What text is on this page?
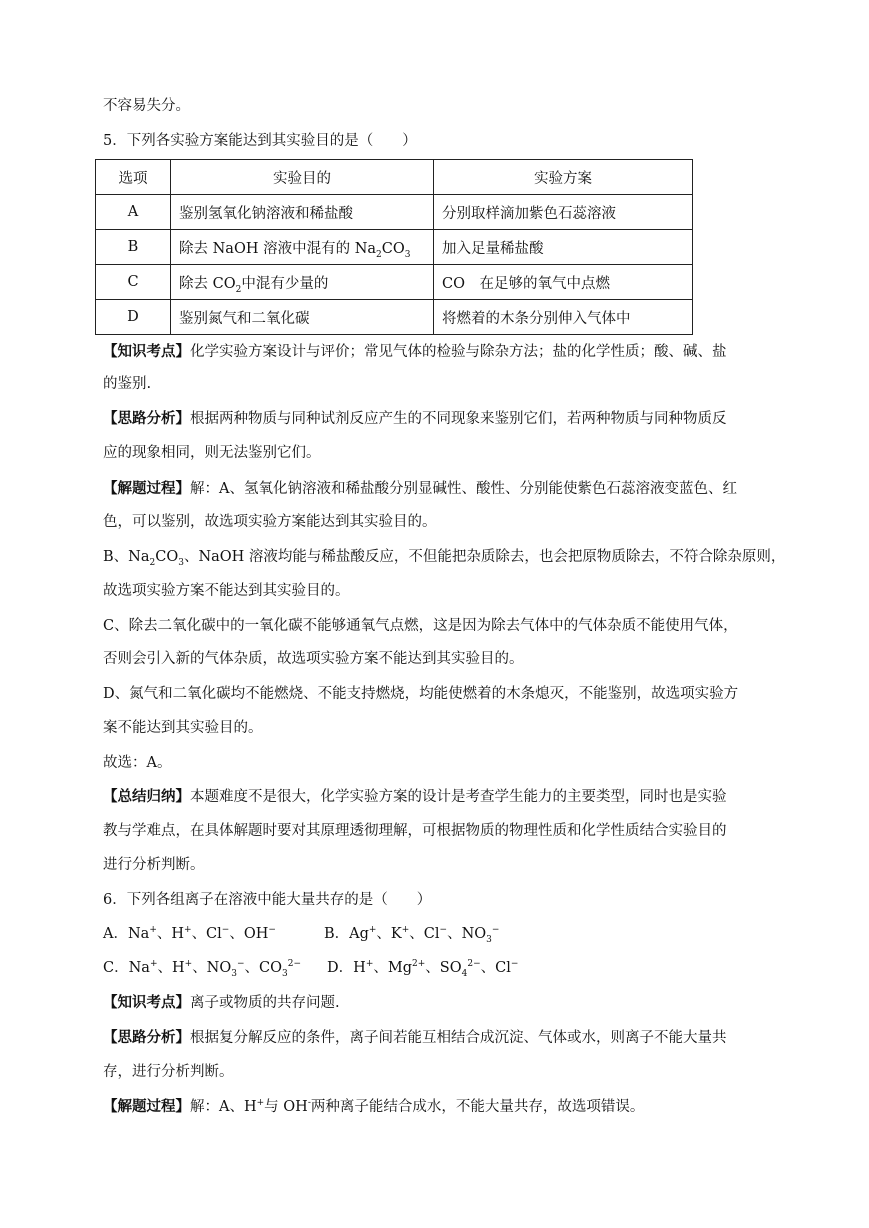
不容易失分。
5．下列各实验方案能达到其实验目的是（　　）
选项	实验目的	实验方案
A	鉴别氢氧化钠溶液和稀盐酸	分别取样滴加紫色石蕊溶液
B	除去 NaOH 溶液中混有的 $Na_2CO_3$	加入足量稀盐酸
C	除去 $CO_2$中混有少量的	CO　在足够的氧气中点燃
D	鉴别氮气和二氧化碳	将燃着的木条分别伸入气体中
【知识考点】化学实验方案设计与评价；常见气体的检验与除杂方法；盐的化学性质；酸、碱、盐
的鉴别.
【思路分析】根据两种物质与同种试剂反应产生的不同现象来鉴别它们，若两种物质与同种物质反
应的现象相同，则无法鉴别它们。
【解题过程】解：A、氢氧化钠溶液和稀盐酸分别显碱性、酸性、分别能使紫色石蕊溶液变蓝色、红
色，可以鉴别，故选项实验方案能达到其实验目的。
B、$Na_2CO_3$、NaOH 溶液均能与稀盐酸反应，不但能把杂质除去，也会把原物质除去，不符合除杂原则，
故选项实验方案不能达到其实验目的。
C、除去二氧化碳中的一氧化碳不能够通氧气点燃，这是因为除去气体中的气体杂质不能使用气体，
否则会引入新的气体杂质，故选项实验方案不能达到其实验目的。
D、氮气和二氧化碳均不能燃烧、不能支持燃烧，均能使燃着的木条熄灭，不能鉴别，故选项实验方
案不能达到其实验目的。
故选：A。
【总结归纳】本题难度不是很大，化学实验方案的设计是考查学生能力的主要类型，同时也是实验
教与学难点，在具体解题时要对其原理透彻理解，可根据物质的物理性质和化学性质结合实验目的
进行分析判断。
6．下列各组离子在溶液中能大量共存的是（　　）
A．Na+、H+、Cl−、OH−	B．Ag+、K+、Cl−、$NO_3^-$
C．Na+、H+、$NO_3^-$、$CO_3^{2-}$ D．H+、$Mg^{2+}$、$SO_4^{2-}$、Cl−
【知识考点】离子或物质的共存问题.
【思路分析】根据复分解反应的条件，离子间若能互相结合成沉淀、气体或水，则离子不能大量共
存，进行分析判断。
【解题过程】解：A、H+与 OH-两种离子能结合成水，不能大量共存，故选项错误。
